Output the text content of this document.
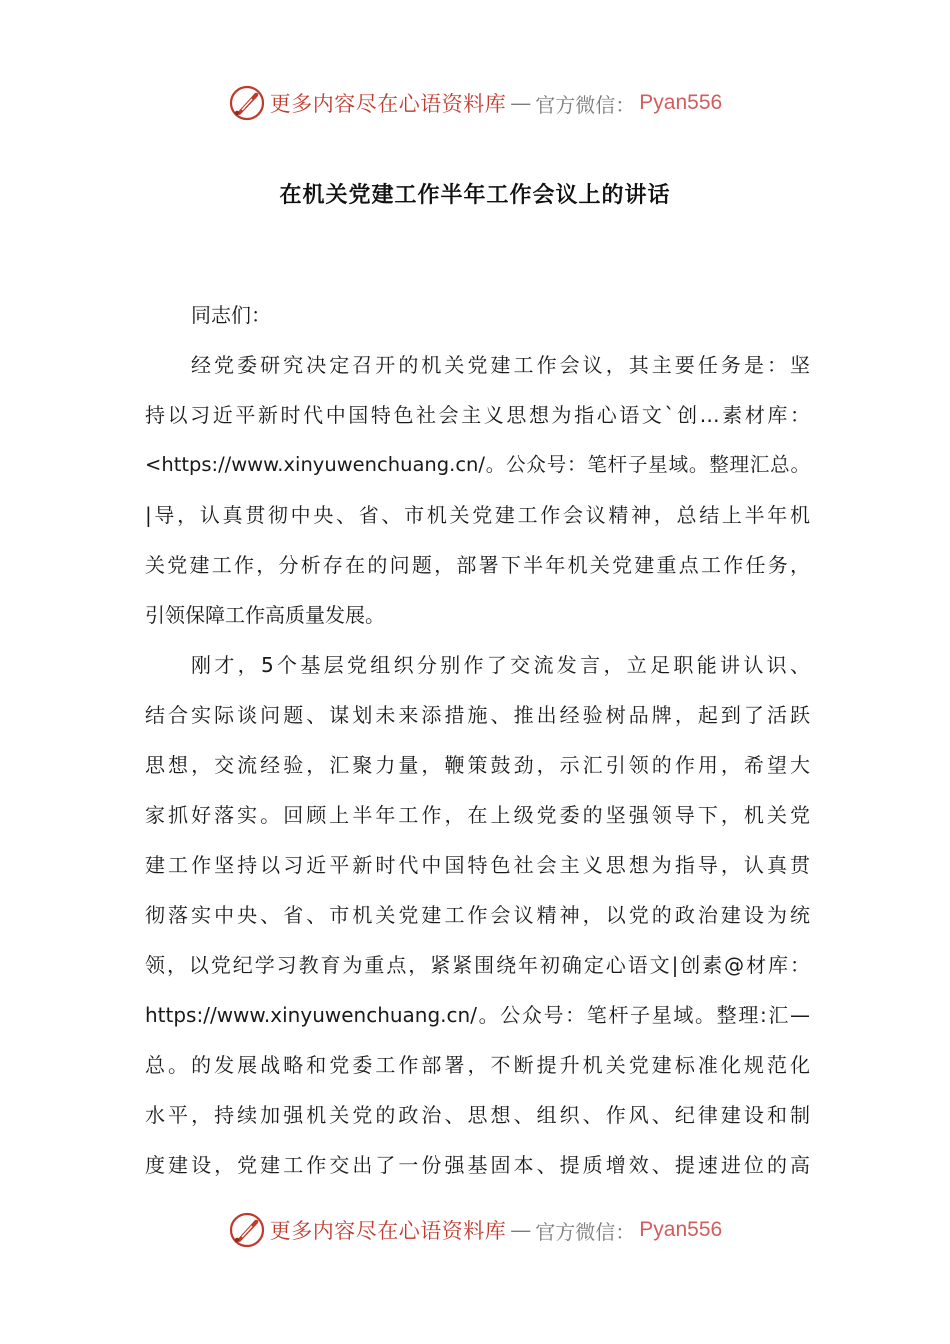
更多内容尽在心语资料库 — 官方微信： Pyan556
在机关党建工作半年工作会议上的讲话
同志们：
经党委研究决定召开的机关党建工作会议，其主要任务是：坚
持以习近平新时代中国特色社会主义思想为指心语文`创…素材库：
<https://www.xinyuwenchuang.cn/。公众号：笔杆子星域。整理汇总。
|导，认真贯彻中央、省、市机关党建工作会议精神，总结上半年机
关党建工作，分析存在的问题，部署下半年机关党建重点工作任务，
引领保障工作高质量发展。
刚才，5个基层党组织分别作了交流发言，立足职能讲认识、
结合实际谈问题、谋划未来添措施、推出经验树品牌，起到了活跃
思想，交流经验，汇聚力量，鞭策鼓劲，示汇引领的作用，希望大
家抓好落实。回顾上半年工作，在上级党委的坚强领导下，机关党
建工作坚持以习近平新时代中国特色社会主义思想为指导，认真贯
彻落实中央、省、市机关党建工作会议精神，以党的政治建设为统
领，以党纪学习教育为重点，紧紧围绕年初确定心语文|创素@材库：
https://www.xinyuwenchuang.cn/。公众号：笔杆子星域。整理:汇—
总。的发展战略和党委工作部署，不断提升机关党建标准化规范化
水平，持续加强机关党的政治、思想、组织、作风、纪律建设和制
度建设，党建工作交出了一份强基固本、提质增效、提速进位的高
更多内容尽在心语资料库 — 官方微信： Pyan556
